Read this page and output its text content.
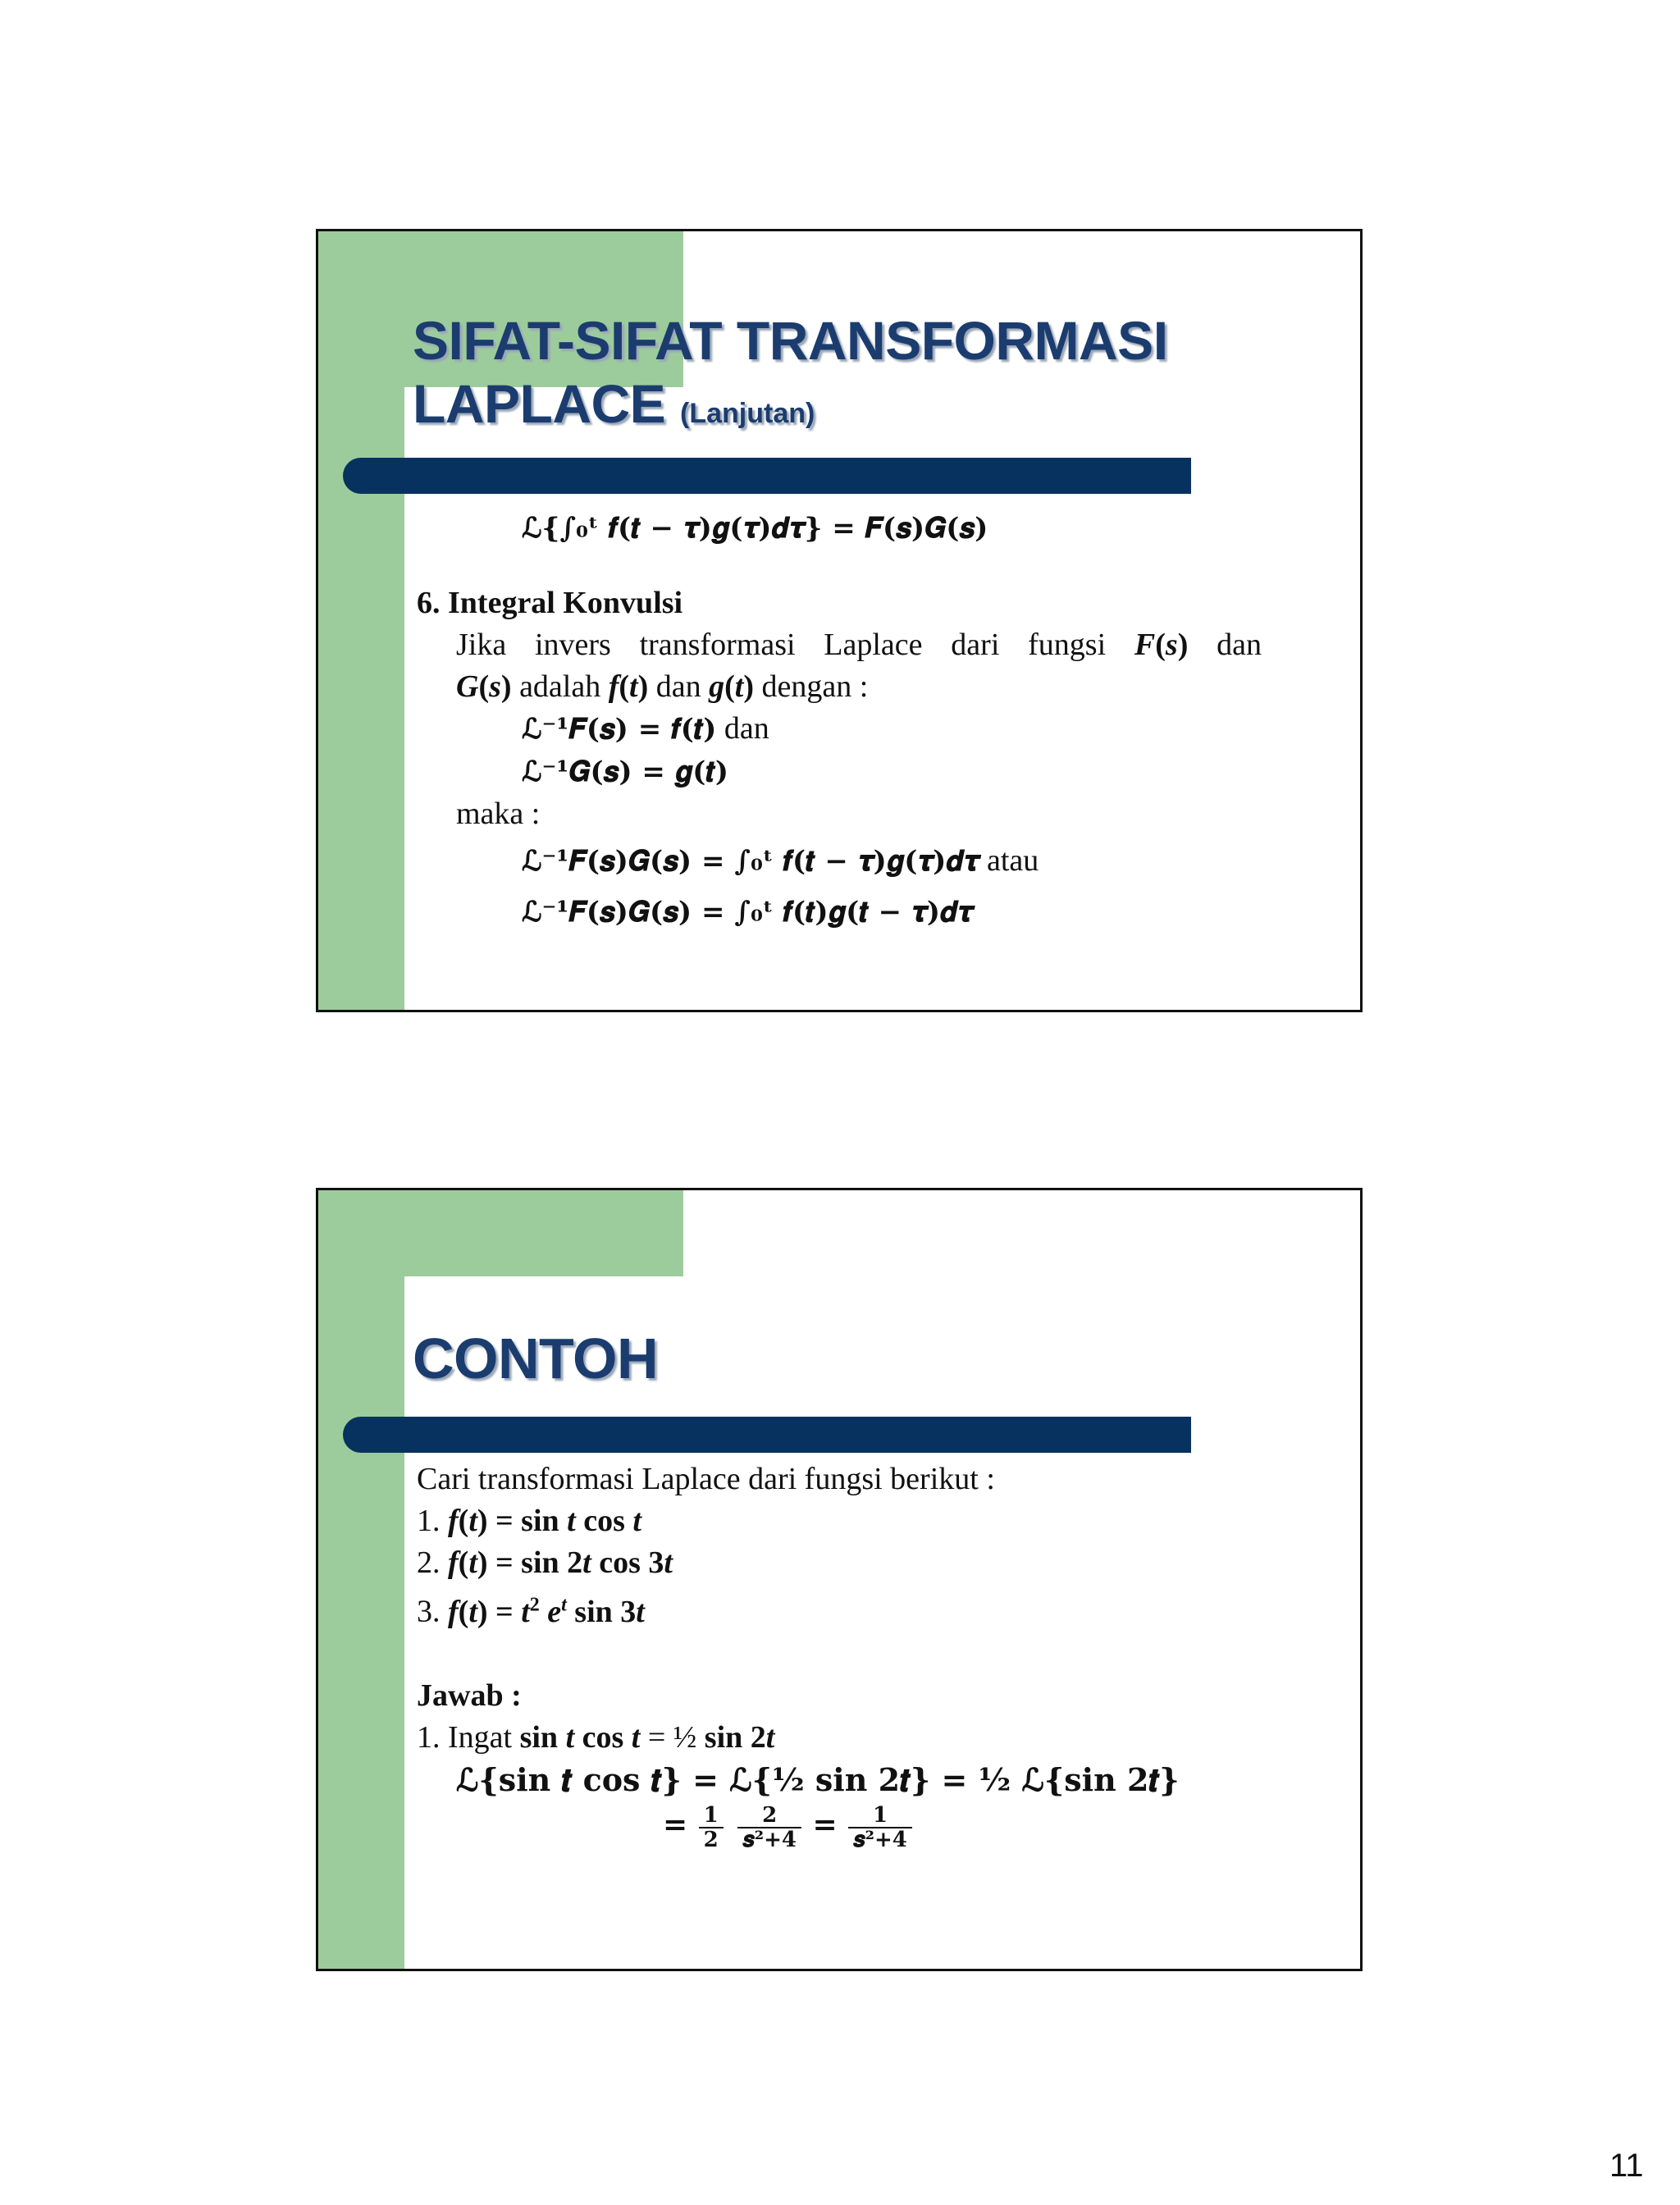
SIFAT-SIFAT TRANSFORMASI
LAPLACE (Lanjutan)
ℒ{∫₀ᵗ 𝒇(𝒕 − 𝝉)𝒈(𝝉)𝒅𝝉} = 𝑭(𝒔)𝑮(𝒔)
6. Integral Konvulsi
Jika invers transformasi Laplace dari fungsi F(s) dan
G(s) adalah f(t) dan g(t) dengan :
ℒ⁻¹𝑭(𝒔) = 𝒇(𝒕) dan
ℒ⁻¹𝑮(𝒔) = 𝒈(𝒕)
maka :
ℒ⁻¹𝑭(𝒔)𝑮(𝒔) = ∫₀ᵗ 𝒇(𝒕 − 𝝉)𝒈(𝝉)𝒅𝝉 atau
ℒ⁻¹𝑭(𝒔)𝑮(𝒔) = ∫₀ᵗ 𝒇(𝒕)𝒈(𝒕 − 𝝉)𝒅𝝉
CONTOH
Cari transformasi Laplace dari fungsi berikut :
1. f(t) = sin t cos t
2. f(t) = sin 2t cos 3t
3. $f(t) = t^2$ $e^t$ sin 3t
Jawab :
1. Ingat sin t cos t = ½ sin 2t
ℒ{sin 𝒕 cos 𝒕} = ℒ{¹⁄₂ sin 2𝒕} = ¹⁄₂ ℒ{sin 2𝒕}
= $\frac{1}{2}$
$\frac{2}{\text{𝒔²+4}} = \frac{1}{\text{𝒔²+4}}$
11
